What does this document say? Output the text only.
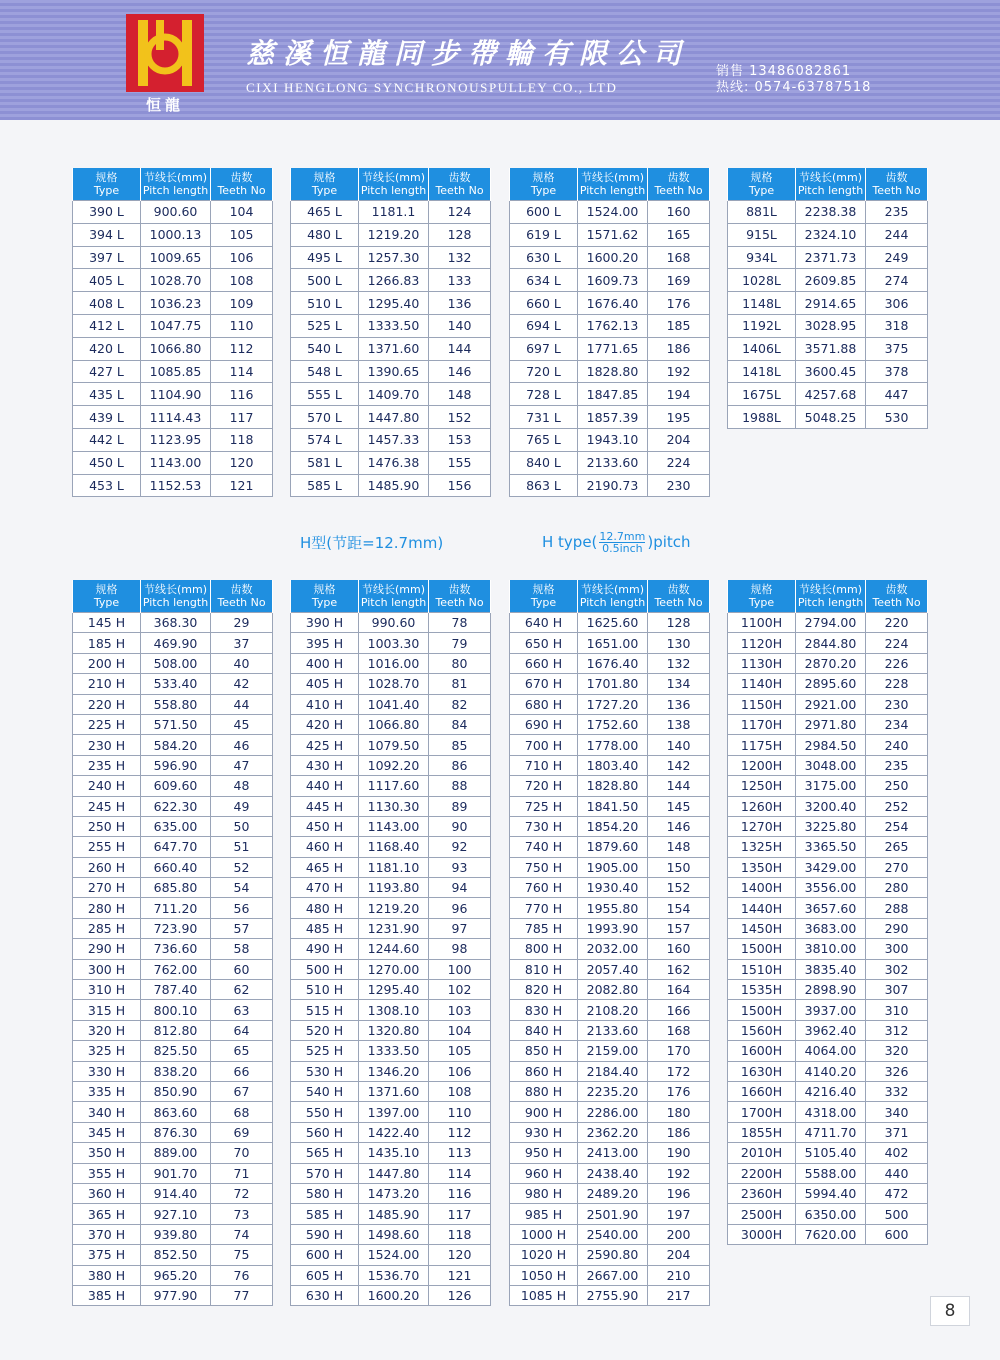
恒龍
慈溪恒龍同步帶輪有限公司
CIXI HENGLONG SYNCHRONOUSPULLEY CO., LTD
销售 13486082861
热线: 0574-63787518
规格
Type	节线长(mm)
Pitch length	齿数
Teeth No

390 L	900.60	104
394 L	1000.13	105
397 L	1009.65	106
405 L	1028.70	108
408 L	1036.23	109
412 L	1047.75	110
420 L	1066.80	112
427 L	1085.85	114
435 L	1104.90	116
439 L	1114.43	117
442 L	1123.95	118
450 L	1143.00	120
453 L	1152.53	121
规格
Type	节线长(mm)
Pitch length	齿数
Teeth No

465 L	1181.1	124
480 L	1219.20	128
495 L	1257.30	132
500 L	1266.83	133
510 L	1295.40	136
525 L	1333.50	140
540 L	1371.60	144
548 L	1390.65	146
555 L	1409.70	148
570 L	1447.80	152
574 L	1457.33	153
581 L	1476.38	155
585 L	1485.90	156
规格
Type	节线长(mm)
Pitch length	齿数
Teeth No

600 L	1524.00	160
619 L	1571.62	165
630 L	1600.20	168
634 L	1609.73	169
660 L	1676.40	176
694 L	1762.13	185
697 L	1771.65	186
720 L	1828.80	192
728 L	1847.85	194
731 L	1857.39	195
765 L	1943.10	204
840 L	2133.60	224
863 L	2190.73	230
规格
Type	节线长(mm)
Pitch length	齿数
Teeth No

881L	2238.38	235
915L	2324.10	244
934L	2371.73	249
1028L	2609.85	274
1148L	2914.65	306
1192L	3028.95	318
1406L	3571.88	375
1418L	3600.45	378
1675L	4257.68	447
1988L	5048.25	530
H型(节距=12.7mm)	H type( $\frac{12.7mm}{\text{0.5inch}}$ )pitch
规格
Type	节线长(mm)
Pitch length	齿数
Teeth No

145 H	368.30	29
185 H	469.90	37
200 H	508.00	40
210 H	533.40	42
220 H	558.80	44
225 H	571.50	45
230 H	584.20	46
235 H	596.90	47
240 H	609.60	48
245 H	622.30	49
250 H	635.00	50
255 H	647.70	51
260 H	660.40	52
270 H	685.80	54
280 H	711.20	56
285 H	723.90	57
290 H	736.60	58
300 H	762.00	60
310 H	787.40	62
315 H	800.10	63
320 H	812.80	64
325 H	825.50	65
330 H	838.20	66
335 H	850.90	67
340 H	863.60	68
345 H	876.30	69
350 H	889.00	70
355 H	901.70	71
360 H	914.40	72
365 H	927.10	73
370 H	939.80	74
375 H	852.50	75
380 H	965.20	76
385 H	977.90	77
规格
Type	节线长(mm)
Pitch length	齿数
Teeth No

390 H	990.60	78
395 H	1003.30	79
400 H	1016.00	80
405 H	1028.70	81
410 H	1041.40	82
420 H	1066.80	84
425 H	1079.50	85
430 H	1092.20	86
440 H	1117.60	88
445 H	1130.30	89
450 H	1143.00	90
460 H	1168.40	92
465 H	1181.10	93
470 H	1193.80	94
480 H	1219.20	96
485 H	1231.90	97
490 H	1244.60	98
500 H	1270.00	100
510 H	1295.40	102
515 H	1308.10	103
520 H	1320.80	104
525 H	1333.50	105
530 H	1346.20	106
540 H	1371.60	108
550 H	1397.00	110
560 H	1422.40	112
565 H	1435.10	113
570 H	1447.80	114
580 H	1473.20	116
585 H	1485.90	117
590 H	1498.60	118
600 H	1524.00	120
605 H	1536.70	121
630 H	1600.20	126
规格
Type	节线长(mm)
Pitch length	齿数
Teeth No

640 H	1625.60	128
650 H	1651.00	130
660 H	1676.40	132
670 H	1701.80	134
680 H	1727.20	136
690 H	1752.60	138
700 H	1778.00	140
710 H	1803.40	142
720 H	1828.80	144
725 H	1841.50	145
730 H	1854.20	146
740 H	1879.60	148
750 H	1905.00	150
760 H	1930.40	152
770 H	1955.80	154
785 H	1993.90	157
800 H	2032.00	160
810 H	2057.40	162
820 H	2082.80	164
830 H	2108.20	166
840 H	2133.60	168
850 H	2159.00	170
860 H	2184.40	172
880 H	2235.20	176
900 H	2286.00	180
930 H	2362.20	186
950 H	2413.00	190
960 H	2438.40	192
980 H	2489.20	196
985 H	2501.90	197
1000 H	2540.00	200
1020 H	2590.80	204
1050 H	2667.00	210
1085 H	2755.90	217
规格
Type	节线长(mm)
Pitch length	齿数
Teeth No

1100H	2794.00	220
1120H	2844.80	224
1130H	2870.20	226
1140H	2895.60	228
1150H	2921.00	230
1170H	2971.80	234
1175H	2984.50	240
1200H	3048.00	235
1250H	3175.00	250
1260H	3200.40	252
1270H	3225.80	254
1325H	3365.50	265
1350H	3429.00	270
1400H	3556.00	280
1440H	3657.60	288
1450H	3683.00	290
1500H	3810.00	300
1510H	3835.40	302
1535H	2898.90	307
1500H	3937.00	310
1560H	3962.40	312
1600H	4064.00	320
1630H	4140.20	326
1660H	4216.40	332
1700H	4318.00	340
1855H	4711.70	371
2010H	5105.40	402
2200H	5588.00	440
2360H	5994.40	472
2500H	6350.00	500
3000H	7620.00	600
8
